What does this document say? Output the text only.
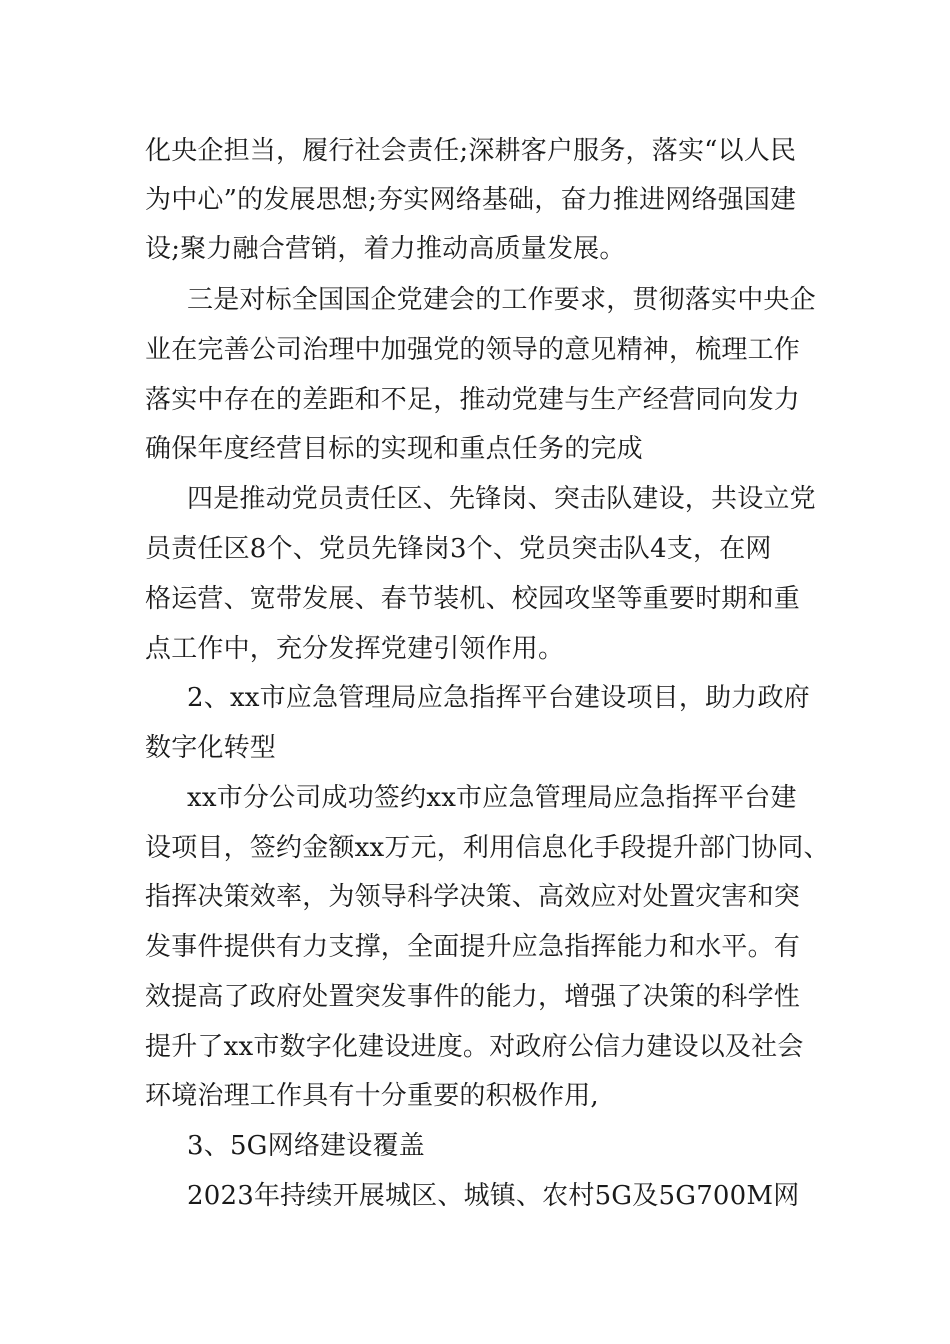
化央企担当，履行社会责任;深耕客户服务，落实“以人民
为中心”的发展思想;夯实网络基础，奋力推进网络强国建
设;聚力融合营销，着力推动高质量发展。
三是对标全国国企党建会的工作要求，贯彻落实中央企
业在完善公司治理中加强党的领导的意见精神，梳理工作
落实中存在的差距和不足，推动党建与生产经营同向发力
确保年度经营目标的实现和重点任务的完成
四是推动党员责任区、先锋岗、突击队建设，共设立党
员责任区8个、党员先锋岗3个、党员突击队4支，在网
格运营、宽带发展、春节装机、校园攻坚等重要时期和重
点工作中，充分发挥党建引领作用。
2、xx市应急管理局应急指挥平台建设项目，助力政府
数字化转型
xx市分公司成功签约xx市应急管理局应急指挥平台建
设项目，签约金额xx万元，利用信息化手段提升部门协同、
指挥决策效率，为领导科学决策、高效应对处置灾害和突
发事件提供有力支撑，全面提升应急指挥能力和水平。有
效提高了政府处置突发事件的能力，增强了决策的科学性
提升了xx市数字化建设进度。对政府公信力建设以及社会
环境治理工作具有十分重要的积极作用,
3、5G网络建设覆盖
2023年持续开展城区、城镇、农村5G及5G700M网
